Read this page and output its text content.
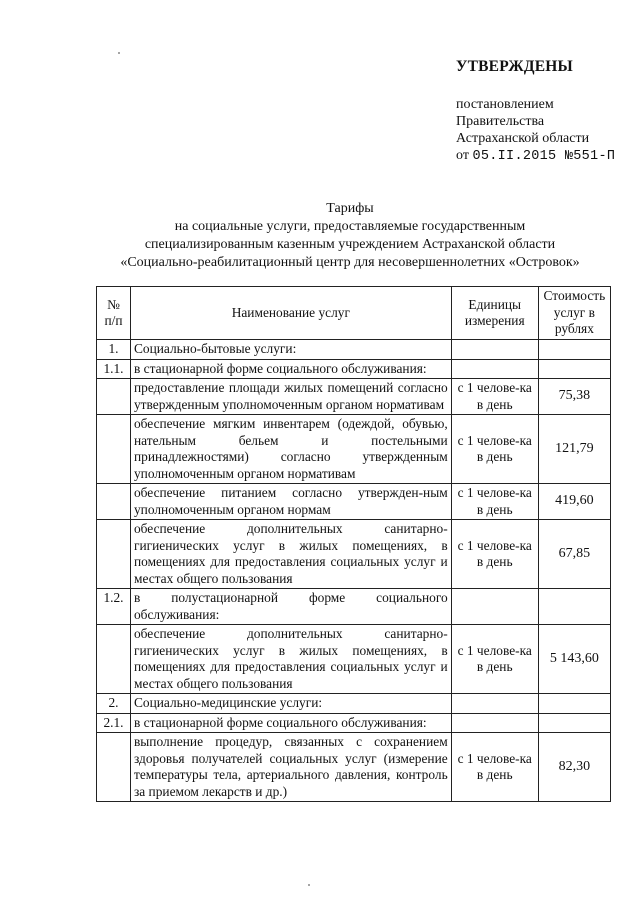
УТВЕРЖДЕНЫ
постановлением
Правительства
Астраханской области
от 05.II.2015 №551-П
Тарифы
на социальные услуги, предоставляемые государственным
специализированным казенным учреждением Астраханской области
«Социально-реабилитационный центр для несовершеннолетних «Островок»
№ п/п	Наименование услуг	Единицы измерения	Стоимость услуг в рублях
1.	Социально-бытовые услуги:		
1.1.	в стационарной форме социального обслуживания:		
	предоставление площади жилых помещений согласно утвержденным уполномоченным органом нормативам	с 1 челове-ка в день	75,38
	обеспечение мягким инвентарем (одеждой, обувью, нательным бельем и постельными принадлежностями) согласно утвержденным уполномоченным органом нормативам	с 1 челове-ка в день	121,79
	обеспечение питанием согласно утвержден-ным уполномоченным органом нормам	с 1 челове-ка в день	419,60
	обеспечение дополнительных санитарно-гигиенических услуг в жилых помещениях, в помещениях для предоставления социальных услуг и местах общего пользования	с 1 челове-ка в день	67,85
1.2.	в полустационарной форме социального обслуживания:		
	обеспечение дополнительных санитарно-гигиенических услуг в жилых помещениях, в помещениях для предоставления социальных услуг и местах общего пользования	с 1 челове-ка в день	5 143,60
2.	Социально-медицинские услуги:		
2.1.	в стационарной форме социального обслуживания:		
	выполнение процедур, связанных с сохранением здоровья получателей социальных услуг (измерение температуры тела, артериального давления, контроль за приемом лекарств и др.)	с 1 челове-ка в день	82,30
